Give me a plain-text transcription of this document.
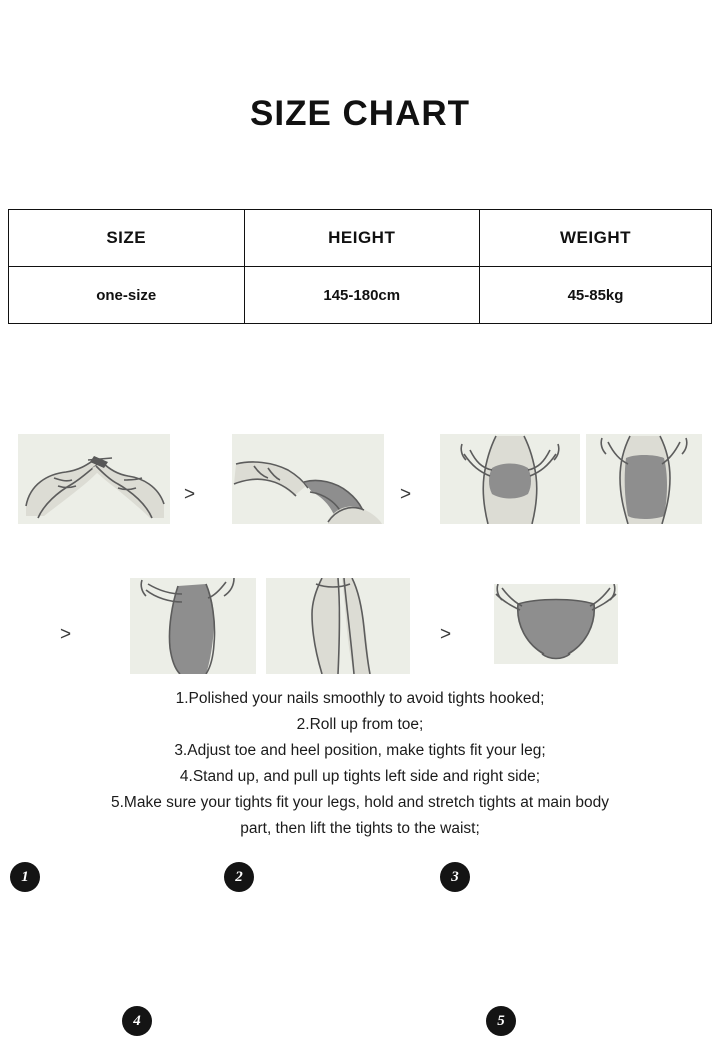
SIZE CHART
SIZE	HEIGHT	WEIGHT
one-size	145-180cm	45-85kg
1
>
2
>
3
>
4
>
5
1.Polished your nails smoothly to avoid tights hooked;
2.Roll up from toe;
3.Adjust toe and heel position, make tights fit your leg;
4.Stand up, and pull up tights left side and right side;
5.Make sure your tights fit your legs, hold and stretch tights at main body
part, then lift the tights to the waist;
